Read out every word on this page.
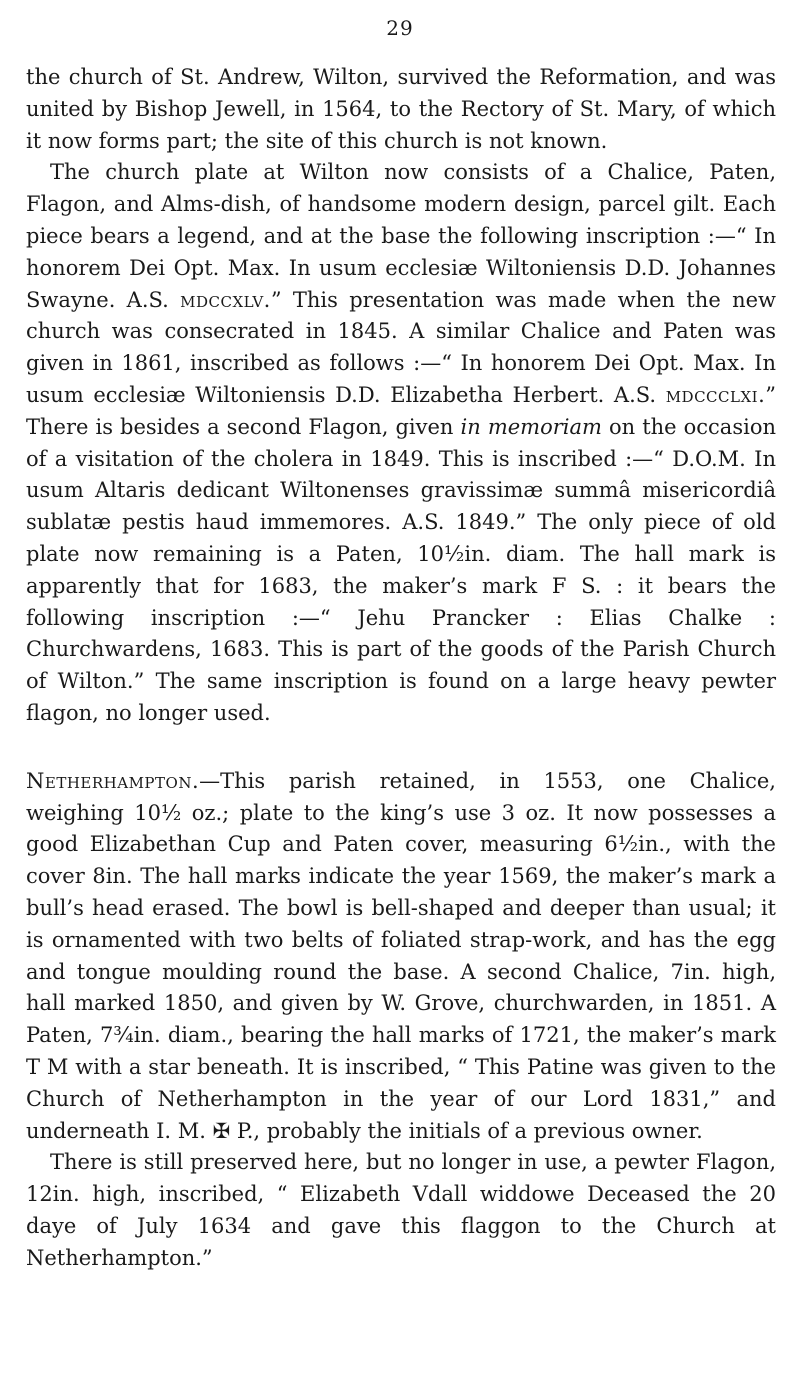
29

the church of St. Andrew, Wilton, survived the Reformation, and was united by Bishop Jewell, in 1564, to the Rectory of St. Mary, of which it now forms part; the site of this church is not known.

The church plate at Wilton now consists of a Chalice, Paten, Flagon, and Alms-dish, of handsome modern design, parcel gilt. Each piece bears a legend, and at the base the following inscription :—“ In honorem Dei Opt. Max. In usum ecclesiæ Wiltoniensis D.D. Johannes Swayne. A.S. mdccxlv.” This presentation was made when the new church was consecrated in 1845. A similar Chalice and Paten was given in 1861, inscribed as follows :—“ In honorem Dei Opt. Max. In usum ecclesiæ Wiltoniensis D.D. Elizabetha Herbert. A.S. mdccclxi.” There is besides a second Flagon, given in memoriam on the occasion of a visitation of the cholera in 1849. This is inscribed :—“ D.O.M. In usum Altaris dedicant Wiltonenses gravissimæ summâ misericordiâ sublatæ pestis haud immemores. A.S. 1849.” The only piece of old plate now remaining is a Paten, 10½in. diam. The hall mark is apparently that for 1683, the maker’s mark F S. : it bears the following inscription :—“ Jehu Prancker : Elias Chalke : Churchwardens, 1683. This is part of the goods of the Parish Church of Wilton.” The same inscription is found on a large heavy pewter flagon, no longer used.

Netherhampton.—This parish retained, in 1553, one Chalice, weighing 10½ oz.; plate to the king’s use 3 oz. It now possesses a good Elizabethan Cup and Paten cover, measuring 6½in., with the cover 8in. The hall marks indicate the year 1569, the maker’s mark a bull’s head erased. The bowl is bell-shaped and deeper than usual; it is ornamented with two belts of foliated strap-work, and has the egg and tongue moulding round the base. A second Chalice, 7in. high, hall marked 1850, and given by W. Grove, churchwarden, in 1851. A Paten, 7¾in. diam., bearing the hall marks of 1721, the maker’s mark T M with a star beneath. It is inscribed, “ This Patine was given to the Church of Netherhampton in the year of our Lord 1831,” and underneath I. M. ✠ P., probably the initials of a previous owner.

There is still preserved here, but no longer in use, a pewter Flagon, 12in. high, inscribed, “ Elizabeth Vdall widdowe Deceased the 20 daye of July 1634 and gave this flaggon to the Church at Netherhampton.”
